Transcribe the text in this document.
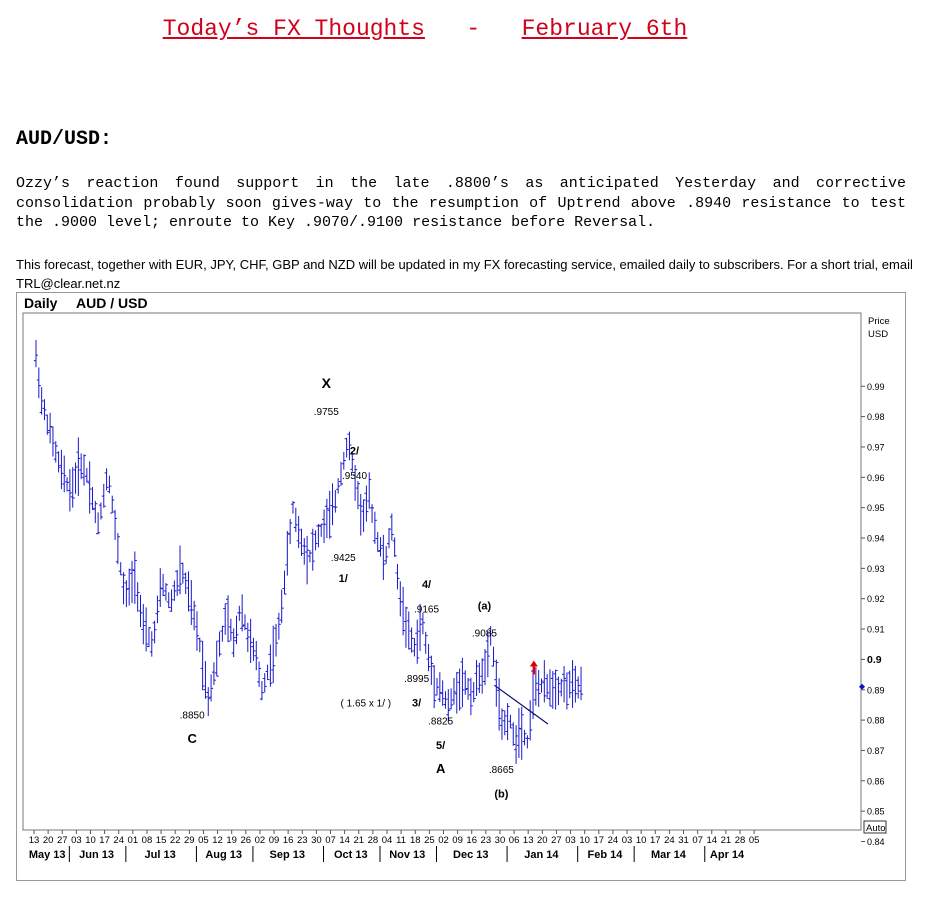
Today’s FX Thoughts - February 6th
AUD/USD:
Ozzy’s reaction found support in the late .8800’s as anticipated Yesterday and corrective consolidation probably soon gives-way to the resumption of Uptrend above .8940 resistance to test the .9000 level; enroute to Key .9070/.9100 resistance before Reversal.
This forecast, together with EUR, JPY, CHF, GBP and NZD will be updated in my FX forecasting service, emailed daily to subscribers. For a short trial, email TRL@clear.net.nz
Daily AUD / USD
X
.9755
2/
.9540
.9425
1/
4/
.9165	(a)
.9085
.8995
( 1.65 x 1/ ) 3/
.8850
C
.8825
5/
A	.8665
(b)
Price
USD
0.84
0.85
0.86
0.87
0.88
0.89
0.9
0.91
0.92
0.93
0.94
0.95
0.96
0.97
0.98
0.99
Auto
13 20 27 03 10 17 24 01 08 15 22 29 05 12 19 26 02 09 16 23 30 07 14 21 28 04 11 18 25 02 09 16 23 30 06 13 20 27 03 10 17 24 03 10 17 24 31 07 14 21 28 05
May 13 Jun 13	Jul 13	Aug 13 Sep 13	Oct 13 Nov 13	Dec 13	Jan 14	Feb 14	Mar 14 Apr 14
